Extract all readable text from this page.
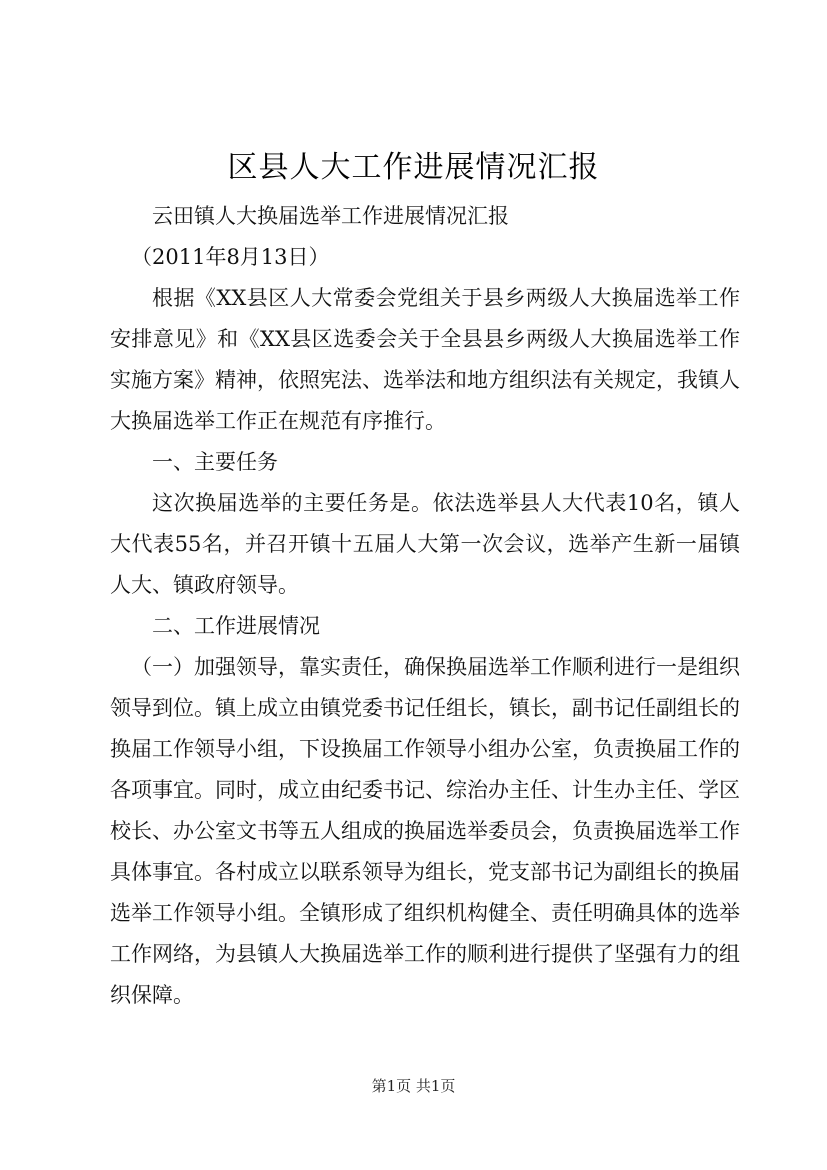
区县人大工作进展情况汇报

云田镇人大换届选举工作进展情况汇报

（2011年8月13日）

根据《XX县区人大常委会党组关于县乡两级人大换届选举工作安排意见》和《XX县区选委会关于全县县乡两级人大换届选举工作实施方案》精神，依照宪法、选举法和地方组织法有关规定，我镇人大换届选举工作正在规范有序推行。

一、主要任务

这次换届选举的主要任务是。依法选举县人大代表10名，镇人大代表55名，并召开镇十五届人大第一次会议，选举产生新一届镇人大、镇政府领导。

二、工作进展情况

（一）加强领导，靠实责任，确保换届选举工作顺利进行一是组织领导到位。镇上成立由镇党委书记任组长，镇长，副书记任副组长的换届工作领导小组，下设换届工作领导小组办公室，负责换届工作的各项事宜。同时，成立由纪委书记、综治办主任、计生办主任、学区校长、办公室文书等五人组成的换届选举委员会，负责换届选举工作具体事宜。各村成立以联系领导为组长，党支部书记为副组长的换届选举工作领导小组。全镇形成了组织机构健全、责任明确具体的选举工作网络，为县镇人大换届选举工作的顺利进行提供了坚强有力的组织保障。

第1页 共1页
